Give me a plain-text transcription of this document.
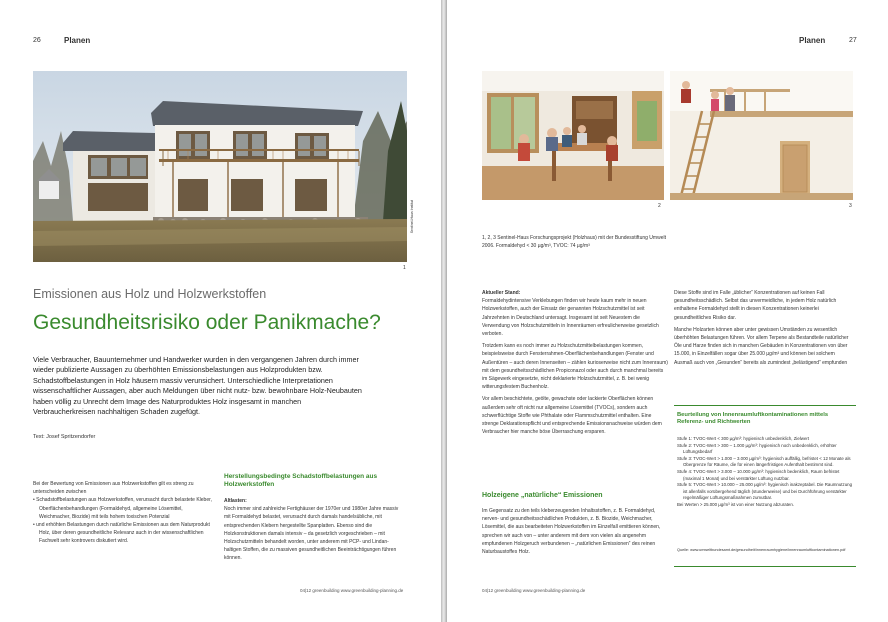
26	Planen
Sentinel-Haus Institut
1
Emissionen aus Holz und Holzwerkstoffen
Gesundheitsrisiko oder Panikmache?
Viele Verbraucher, Bauunternehmer und Handwerker wurden in den vergangenen Jahren durch immer wieder publizierte Aussagen zu überhöhten Emissionsbelastungen aus Holzprodukten bzw. Schadstoffbelastungen in Holz häusern massiv verunsichert. Unterschiedliche Interpretationen wissenschaftlicher Aussagen, aber auch Meldungen über nicht nutz- bzw. bewohnbare Holz-Neubauten haben völlig zu Unrecht dem Image des Naturproduktes Holz insgesamt in manchen Verbraucherkreisen nachhaltigen Schaden zugefügt.
Text: Josef Spritzendorfer
Bei der Bewertung von Emissionen aus Holzwerkstoffen gilt es streng zu unterscheiden zwischen
• Schadstoffbelastungen aus Holzwerkstoffen, verursacht durch belastete Kleber, Oberflächenbehandlungen (Formaldehyd, allgemeine Lösemittel, Weichmacher, Biozide) mit teils hohem toxischen Potenzial
• und erhöhten Belastungen durch natürliche Emissionen aus dem Naturprodukt Holz, über deren gesundheitliche Relevanz auch in der wissenschaftlichen Fachwelt sehr kontrovers diskutiert wird.
Herstellungsbedingte Schadstoffbelastungen aus Holzwerkstoffen
Altlasten:
Noch immer sind zahlreiche Fertighäuser der 1970er und 1980er Jahre massiv mit Formaldehyd belastet, verursacht durch damals handelsübliche, mit entsprechenden Klebern hergestellte Spanplatten. Ebenso sind die Holzkonstruktionen damals intensiv – da gesetzlich vorgeschrieben – mit Holzschutzmitteln behandelt worden, unter anderem mit PCP- und Lindan-haltigen Stoffen, die zu massiven gesundheitlichen Beeinträchtigungen führen können.
04|12 greenbuilding www.greenbuilding-planning.de
Planen	27
2	3
1, 2, 3 Sentinel-Haus Forschungsprojekt (Holzhaus) mit der Bundesstiftung Umwelt 2006. Formaldehyd < 30 µg/m³, TVOC: 74 µg/m³
Aktueller Stand:

Formaldehydintensive Verklebungen finden wir heute kaum mehr in neuen Holzwerkstoffen, auch der Einsatz der genannten Holzschutzmittel ist seit Jahrzehnten in Deutschland untersagt. Insgesamt ist seit Neuestem die Verwendung von Holzschutzmitteln in Innenräumen erfreulicherweise gesetzlich verboten.

Trotzdem kann es noch immer zu Holzschutzmittelbelastungen kommen, beispielsweise durch Fensterrahmen-Oberflächenbehandlungen (Fenster und Außentüren – auch deren Innenseiten – zählen kurioserweise nicht zum Innenraum) mit dem gesundheitsschädlichen Propiconazol oder auch durch manchmal bereits im Sägewerk eingesetzte, nicht deklarierte Holzschutzmittel, z. B. bei wenig witterungsfestem Buchenholz.

Vor allem beschichtete, geölte, gewachste oder lackierte Oberflächen können außerdem sehr oft nicht nur allgemeine Lösemittel (TVOCs), sondern auch schwerflüchtige Stoffe wie Phthalate oder Flammschutzmittel enthalten. Eine strenge Deklarationspflicht und entsprechende Emissionsnachweise würden dem Verbraucher hier manche böse Überraschung ersparen.

Holzeigene „natürliche“ Emissionen
Im Gegensatz zu den teils kleberzeugenden Inhaltsstoffen, z. B. Formaldehyd, nerven- und gesundheitsschädlichen Produkten, z. B. Biozide, Weichmacher, Lösemittel, die aus bearbeiteten Holzwerkstoffen im Einzelfall emittieren können, sprechen wir auch von – unter anderem mit dem von vielen als angenehm empfundenen Holzgeruch verbundenen – „natürlichen Emissionen“ des reinen Naturbaustoffes Holz.

Diese Stoffe sind im Falle „üblicher“ Konzentrationen auf keinen Fall gesundheitsschädlich. Selbst das unvermeidliche, in jedem Holz natürlich enthaltene Formaldehyd stellt in diesen Konzentrationen keinerlei gesundheitliches Risiko dar.

Manche Holzarten können aber unter gewissen Umständen zu wesentlich überhöhten Belastungen führen. Vor allem Terpene als Bestandteile natürlicher Öle und Harze finden sich in manchen Gebäuden in Konzentrationen von über 15.000, in Einzelfällen sogar über 25.000 µg/m³ und können bei solchem Ausmaß auch von „Gesunden“ bereits als zumindest „belästigend“ empfunden

Beurteilung von Innenraumluftkontaminationen mittels Referenz- und Richtwerten
Stufe 1: TVOC-Wert < 300 µg/m³: hygienisch unbedenklich, Zielwert
Stufe 2: TVOC-Wert > 300 – 1.000 µg/m³: hygienisch noch unbedenklich, erhöhter Lüftungsbedarf
Stufe 3: TVOC-Wert > 1.000 – 3.000 µg/m³: hygienisch auffällig, befristet < 12 Monate als Obergrenze für Räume, die für einen längerfristigen Aufenthalt bestimmt sind.
Stufe 4: TVOC-Wert > 3.000 – 10.000 µg/m³: hygienisch bedenklich, Raum befristet (maximal 1 Monat) und bei verstärkter Lüftung nutzbar.
Stufe 5: TVOC-Wert > 10.000 – 25.000 µg/m³: hygienisch inakzeptabel. Die Raumnutzung ist allenfalls vorübergehend täglich (stundenweise) und bei Durchführung verstärkter regelmäßiger Lüftungsmaßnahmen zumutbar.
Bei Werten > 25.000 µg/m³ ist von einer Nutzung abzuraten.
Quelle: www.umweltbundesamt.de/gesundheit/innenraumhygiene/innenraumluftkontaminationen.pdf
04|12 greenbuilding www.greenbuilding-planning.de
